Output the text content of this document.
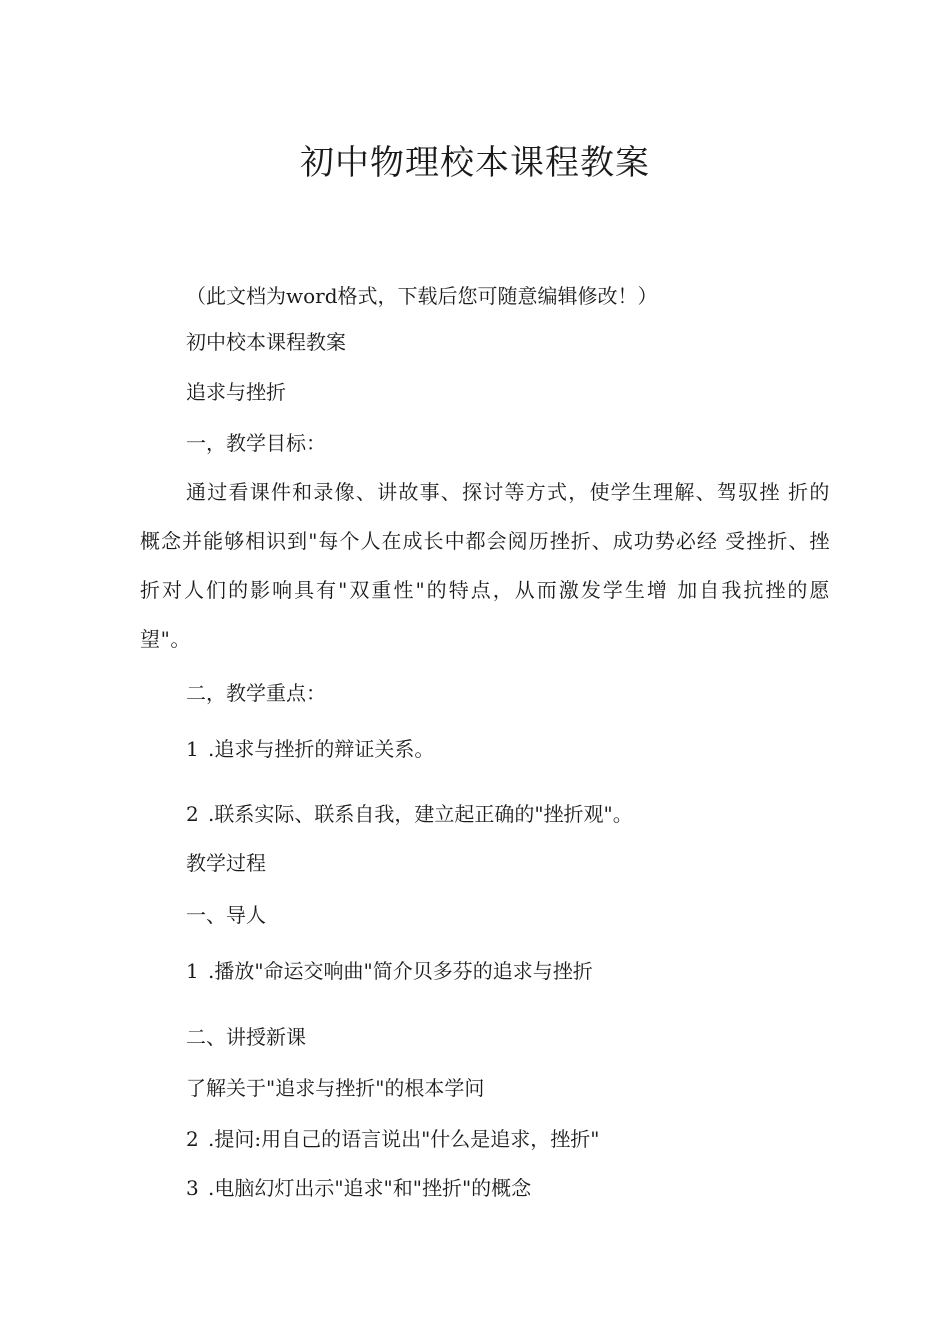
初中物理校本课程教案
（此文档为word格式，下载后您可随意编辑修改！）
初中校本课程教案
追求与挫折
一，教学目标：
通过看课件和录像、讲故事、探讨等方式，使学生理解、驾驭挫 折的概念并能够相识到"每个人在成长中都会阅历挫折、成功势必经 受挫折、挫折对人们的影响具有"双重性"的特点，从而激发学生增 加自我抗挫的愿望"。
二，教学重点：
1 .追求与挫折的辩证关系。
2 .联系实际、联系自我，建立起正确的"挫折观"。
教学过程
一、导人
1 .播放"命运交响曲"简介贝多芬的追求与挫折
二、讲授新课
了解关于"追求与挫折"的根本学问
2 .提问:用自己的语言说出"什么是追求，挫折"
3 .电脑幻灯出示"追求"和"挫折"的概念
